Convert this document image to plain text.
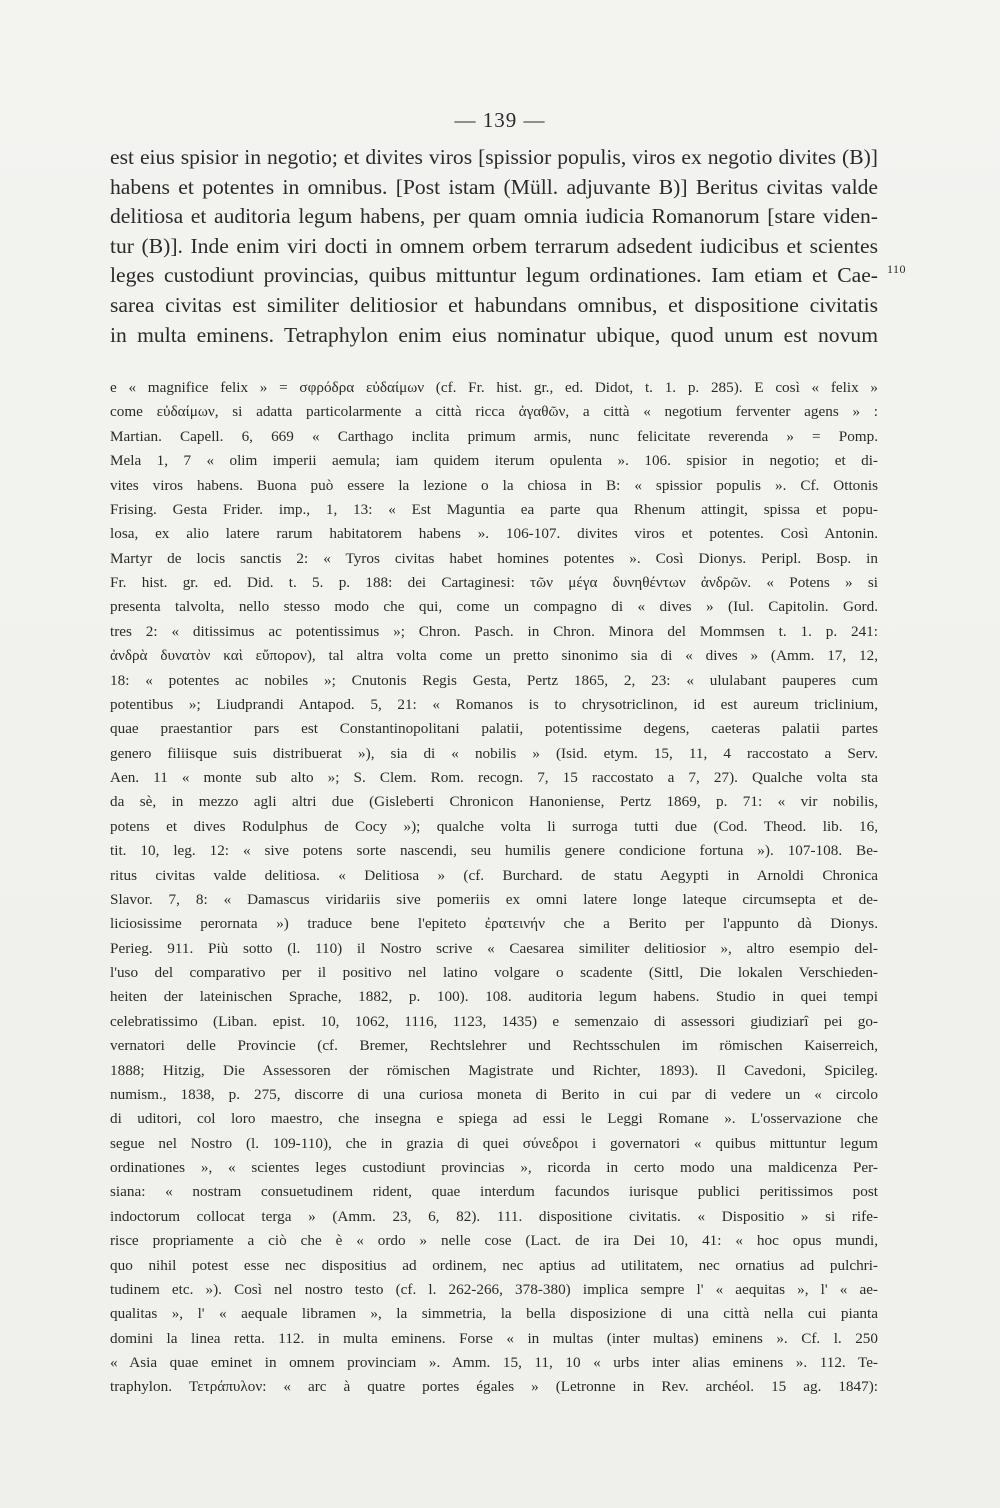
— 139 —
est eius spisior in negotio; et divites viros [spissior populis, viros ex negotio divites (B)]
habens et potentes in omnibus. [Post istam (Müll. adjuvante B)] Beritus civitas valde
delitiosa et auditoria legum habens, per quam omnia iudicia Romanorum [stare viden-
tur (B)]. Inde enim viri docti in omnem orbem terrarum adsedent iudicibus et scientes
leges custodiunt provincias, quibus mittuntur legum ordinationes. Iam etiam et Cae-
sarea civitas est similiter delitiosior et habundans omnibus, et dispositione civitatis
in multa eminens. Tetraphylon enim eius nominatur ubique, quod unum est novum
110
e « magnifice felix » = σφρόδρα εὐδαίμων (cf. Fr. hist. gr., ed. Didot, t. 1. p. 285). E così « felix »
come εὐδαίμων, si adatta particolarmente a città ricca ἀγαθῶν, a città « negotium ferventer agens » :
Martian. Capell. 6, 669 « Carthago inclita primum armis, nunc felicitate reverenda » = Pomp.
Mela 1, 7 « olim imperii aemula; iam quidem iterum opulenta ». 106. spisior in negotio; et di-
vites viros habens. Buona può essere la lezione o la chiosa in B: « spissior populis ». Cf. Ottonis
Frising. Gesta Frider. imp., 1, 13: « Est Maguntia ea parte qua Rhenum attingit, spissa et popu-
losa, ex alio latere rarum habitatorem habens ». 106-107. divites viros et potentes. Così Antonin.
Martyr de locis sanctis 2: « Tyros civitas habet homines potentes ». Così Dionys. Peripl. Bosp. in
Fr. hist. gr. ed. Did. t. 5. p. 188: dei Cartaginesi: τῶν μέγα δυνηθέντων ἀνδρῶν. « Potens » si
presenta talvolta, nello stesso modo che qui, come un compagno di « dives » (Iul. Capitolin. Gord.
tres 2: « ditissimus ac potentissimus »; Chron. Pasch. in Chron. Minora del Mommsen t. 1. p. 241:
ἀνδρὰ δυνατὸν καὶ εὔπορον), tal altra volta come un pretto sinonimo sia di « dives » (Amm. 17, 12,
18: « potentes ac nobiles »; Cnutonis Regis Gesta, Pertz 1865, 2, 23: « ululabant pauperes cum
potentibus »; Liudprandi Antapod. 5, 21: « Romanos is to chrysotriclinon, id est aureum triclinium,
quae praestantior pars est Constantinopolitani palatii, potentissime degens, caeteras palatii partes
genero filiisque suis distribuerat »), sia di « nobilis » (Isid. etym. 15, 11, 4 raccostato a Serv.
Aen. 11 « monte sub alto »; S. Clem. Rom. recogn. 7, 15 raccostato a 7, 27). Qualche volta sta
da sè, in mezzo agli altri due (Gisleberti Chronicon Hanoniense, Pertz 1869, p. 71: « vir nobilis,
potens et dives Rodulphus de Cocy »); qualche volta li surroga tutti due (Cod. Theod. lib. 16,
tit. 10, leg. 12: « sive potens sorte nascendi, seu humilis genere condicione fortuna »). 107-108. Be-
ritus civitas valde delitiosa. « Delitiosa » (cf. Burchard. de statu Aegypti in Arnoldi Chronica
Slavor. 7, 8: « Damascus viridariis sive pomeriis ex omni latere longe lateque circumsepta et de-
liciosissime perornata ») traduce bene l'epiteto ἐρατεινήν che a Berito per l'appunto dà Dionys.
Perieg. 911. Più sotto (l. 110) il Nostro scrive « Caesarea similiter delitiosior », altro esempio del-
l'uso del comparativo per il positivo nel latino volgare o scadente (Sittl, Die lokalen Verschieden-
heiten der lateinischen Sprache, 1882, p. 100). 108. auditoria legum habens. Studio in quei tempi
celebratissimo (Liban. epist. 10, 1062, 1116, 1123, 1435) e semenzaio di assessori giudiziarî pei go-
vernatori delle Provincie (cf. Bremer, Rechtslehrer und Rechtsschulen im römischen Kaiserreich,
1888; Hitzig, Die Assessoren der römischen Magistrate und Richter, 1893). Il Cavedoni, Spicileg.
numism., 1838, p. 275, discorre di una curiosa moneta di Berito in cui par di vedere un « circolo
di uditori, col loro maestro, che insegna e spiega ad essi le Leggi Romane ». L'osservazione che
segue nel Nostro (l. 109-110), che in grazia di quei σύνεδροι i governatori « quibus mittuntur legum
ordinationes », « scientes leges custodiunt provincias », ricorda in certo modo una maldicenza Per-
siana: « nostram consuetudinem rident, quae interdum facundos iurisque publici peritissimos post
indoctorum collocat terga » (Amm. 23, 6, 82). 111. dispositione civitatis. « Dispositio » si rife-
risce propriamente a ciò che è « ordo » nelle cose (Lact. de ira Dei 10, 41: « hoc opus mundi,
quo nihil potest esse nec dispositius ad ordinem, nec aptius ad utilitatem, nec ornatius ad pulchri-
tudinem etc. »). Così nel nostro testo (cf. l. 262-266, 378-380) implica sempre l' « aequitas », l' « ae-
qualitas », l' « aequale libramen », la simmetria, la bella disposizione di una città nella cui pianta
domini la linea retta. 112. in multa eminens. Forse « in multas (inter multas) eminens ». Cf. l. 250
« Asia quae eminet in omnem provinciam ». Amm. 15, 11, 10 « urbs inter alias eminens ». 112. Te-
traphylon. Τετράπυλον: « arc à quatre portes égales » (Letronne in Rev. archéol. 15 ag. 1847):
